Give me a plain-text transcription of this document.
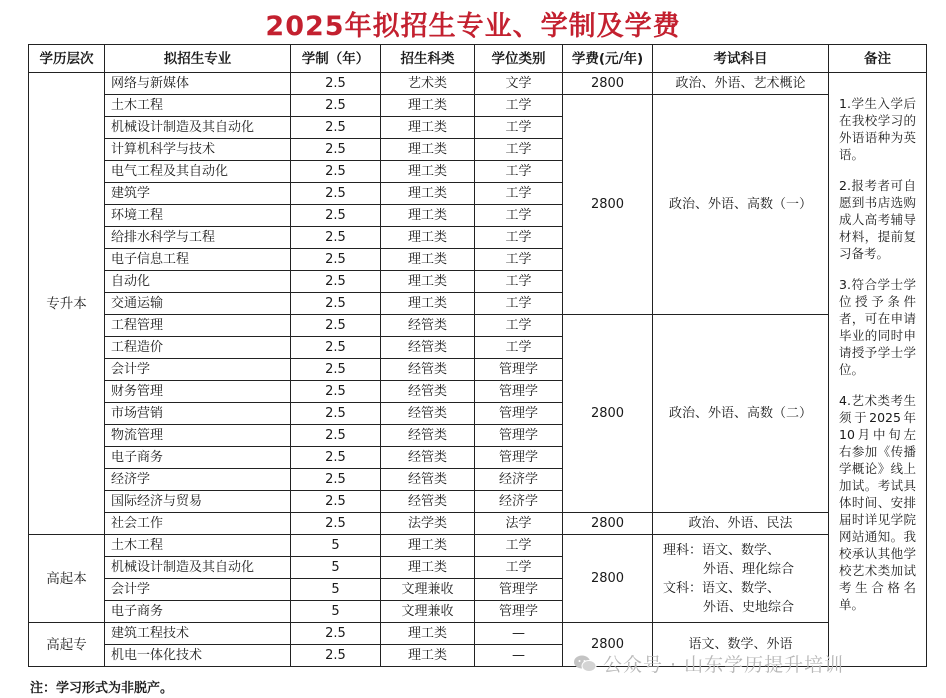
2025年拟招生专业、学制及学费
学历层次	拟招生专业	学制（年）	招生科类	学位类别	学费(元/年)	考试科目	备注
专升本	网络与新媒体	2.5	艺术类	文学	2800	政治、外语、艺术概论	1.学生入学后在我校学习的外语语种为英语。

2.报考者可自愿到书店选购成人高考辅导材料，提前复习备考。

3.符合学士学位授予条件者，可在申请毕业的同时申请授予学士学位。

4.艺术类考生须于2025年10月中旬左右参加《传播学概论》线上加试。考试具体时间、安排届时详见学院网站通知。我校承认其他学校艺术类加试考生合格名单。

	土木工程	2.5	理工类	工学	2800	政治、外语、高数（一）	
	机械设计制造及其自动化	2.5	理工类	工学			
	计算机科学与技术	2.5	理工类	工学			
	电气工程及其自动化	2.5	理工类	工学			
	建筑学	2.5	理工类	工学			
	环境工程	2.5	理工类	工学			
	给排水科学与工程	2.5	理工类	工学			
	电子信息工程	2.5	理工类	工学			
	自动化	2.5	理工类	工学			
	交通运输	2.5	理工类	工学			
	工程管理	2.5	经管类	工学	2800	政治、外语、高数（二）	
	工程造价	2.5	经管类	工学			
	会计学	2.5	经管类	管理学			
	财务管理	2.5	经管类	管理学			
	市场营销	2.5	经管类	管理学			
	物流管理	2.5	经管类	管理学			
	电子商务	2.5	经管类	管理学			
	经济学	2.5	经管类	经济学			
	国际经济与贸易	2.5	经管类	经济学			
	社会工作	2.5	法学类	法学	2800	政治、外语、民法	
高起本	土木工程	5	理工类	工学	2800	理科：语文、数学、
外语、理化综合
文科：语文、数学、
外语、史地综合	

	机械设计制造及其自动化	5	理工类	工学			
	会计学	5	文理兼收	管理学			
	电子商务	5	文理兼收	管理学			
高起专	建筑工程技术	2.5	理工类	—	2800	语文、数学、外语	
	机电一体化技术	2.5	理工类	—			
注：学习形式为非脱产。
公众号 · 山东学历提升培训
